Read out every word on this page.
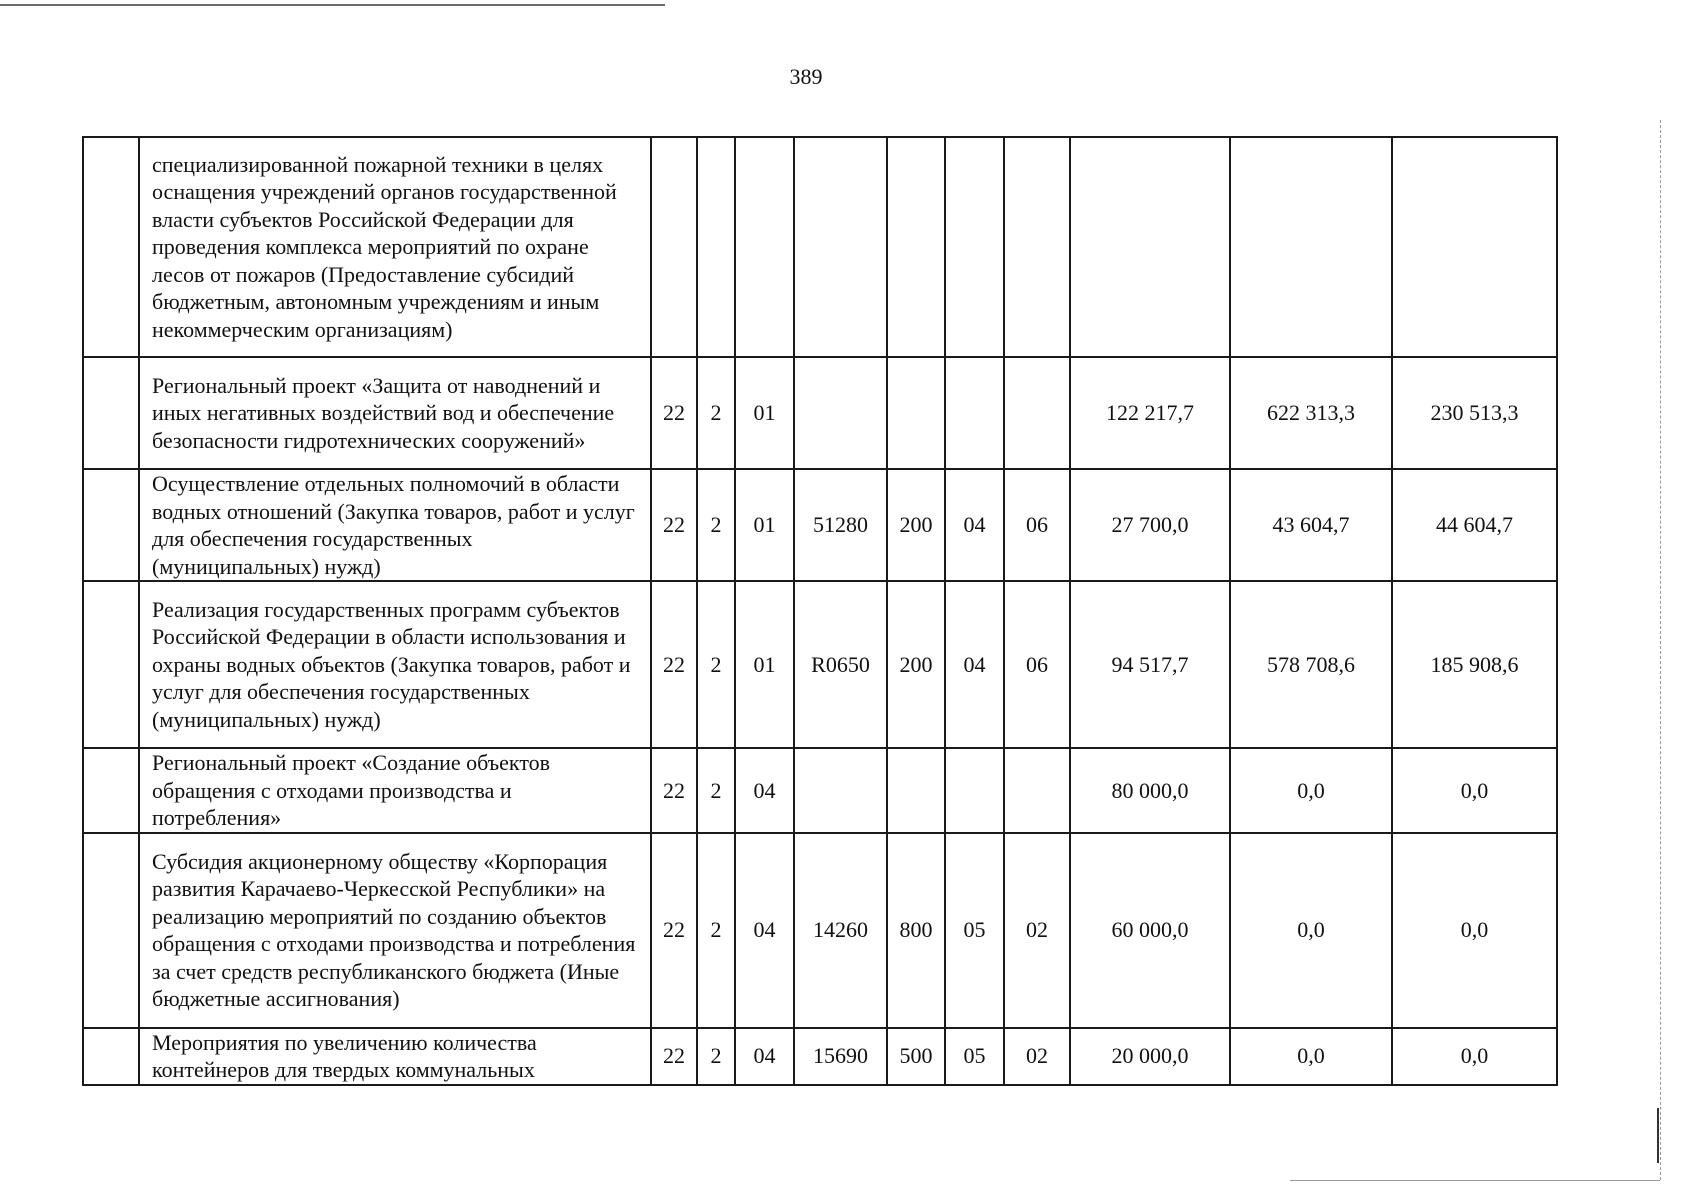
389
	специализированной пожарной техники в целях оснащения учреждений органов государственной власти субъектов Российской Федерации для проведения комплекса мероприятий по охране лесов от пожаров (Предоставление субсидий бюджетным, автономным учреждениям и иным некоммерческим организациям)										
	Региональный проект «Защита от наводнений и иных негативных воздействий вод и обеспечение безопасности гидротехнических сооружений»	22	2	01					122 217,7	622 313,3	230 513,3
	Осуществление отдельных полномочий в области водных отношений (Закупка товаров, работ и услуг для обеспечения государственных (муниципальных) нужд)	22	2	01	51280	200	04	06	27 700,0	43 604,7	44 604,7
	Реализация государственных программ субъектов Российской Федерации в области использования и охраны водных объектов (Закупка товаров, работ и услуг для обеспечения государственных (муниципальных) нужд)	22	2	01	R0650	200	04	06	94 517,7	578 708,6	185 908,6
	Региональный проект «Создание объектов обращения с отходами производства и потребления»	22	2	04					80 000,0	0,0	0,0
	Субсидия акционерному обществу «Корпорация развития Карачаево-Черкесской Республики» на реализацию мероприятий по созданию объектов обращения с отходами производства и потребления за счет средств республиканского бюджета (Иные бюджетные ассигнования)	22	2	04	14260	800	05	02	60 000,0	0,0	0,0
	Мероприятия по увеличению количества контейнеров для твердых коммунальных	22	2	04	15690	500	05	02	20 000,0	0,0	0,0
